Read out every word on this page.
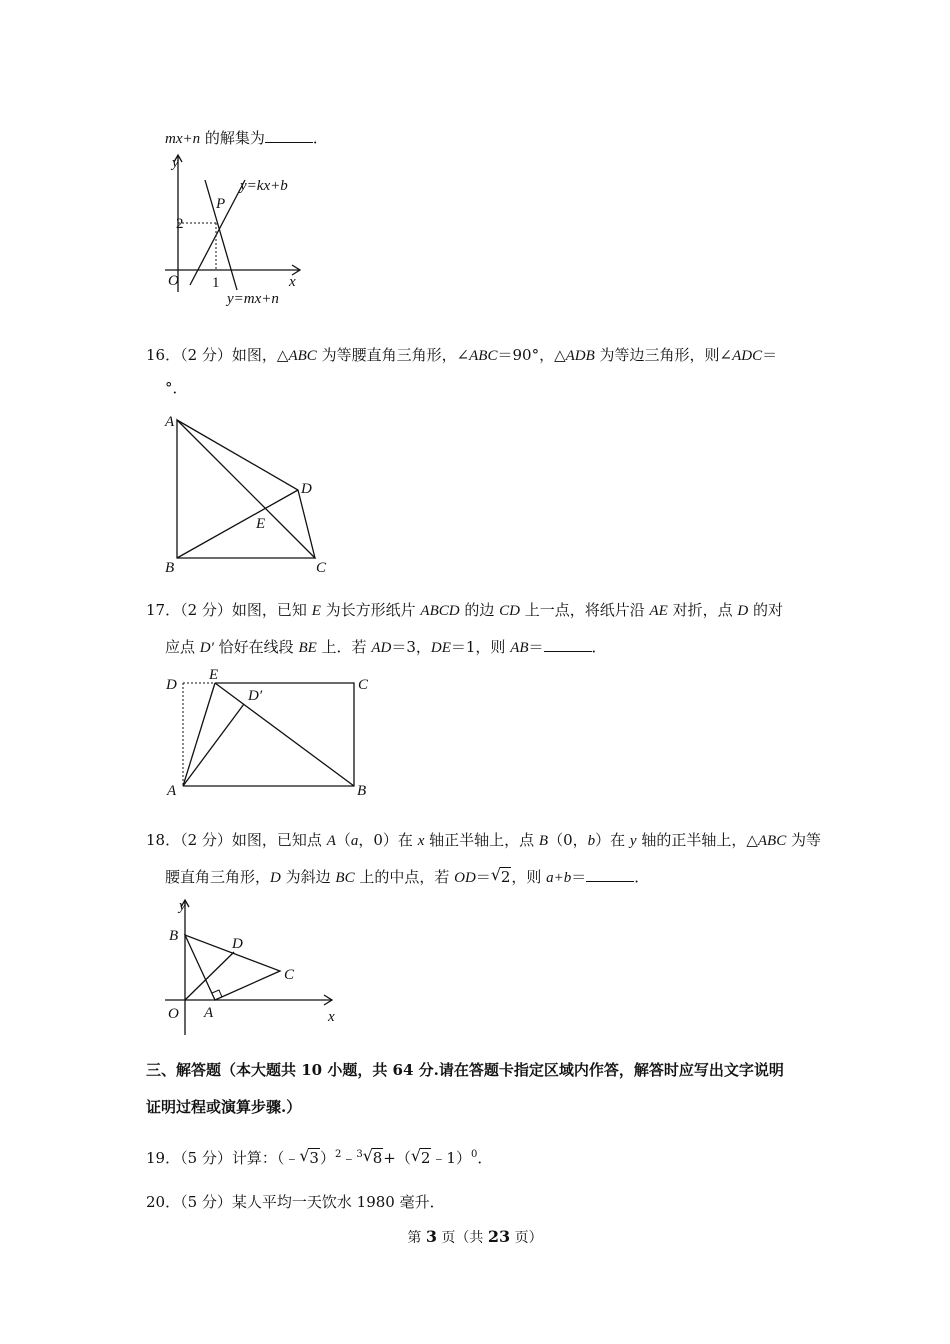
mx+n 的解集为	．
y
x
O
P
2
1
y=kx+b
y=mx+n
16．（2 分）如图，△ABC 为等腰直角三角形，∠ABC＝90°，△ADB 为等边三角形，则∠ADC＝
°．
A
B	C
D
E
17．（2 分）如图，已知 E 为长方形纸片 ABCD 的边 CD 上一点，将纸片沿 AE 对折，点 D 的对
应点 D′ 恰好在线段 BE 上．若 AD＝3，DE＝1，则 AB＝	．
D
E
C
A	B
D′
18．（2 分）如图，已知点 A（a，0）在 x 轴正半轴上，点 B（0，b）在 y 轴的正半轴上，△ABC 为等
腰直角三角形，D 为斜边 BC 上的中点，若 OD＝ √ 2，则 a+b＝	．
y
x
O A
B
C
D
三、解答题（本大题共 10 小题，共 64 分.请在答题卡指定区域内作答，解答时应写出文字说明
证明过程或演算步骤.）
19．（5 分）计算：（﹣ √ 3）$^2$﹣$^3$ √ 8+（ √ 2﹣1）$^0$．
20．（5 分）某人平均一天饮水 1980 毫升．
第 3 页（共 23 页）
